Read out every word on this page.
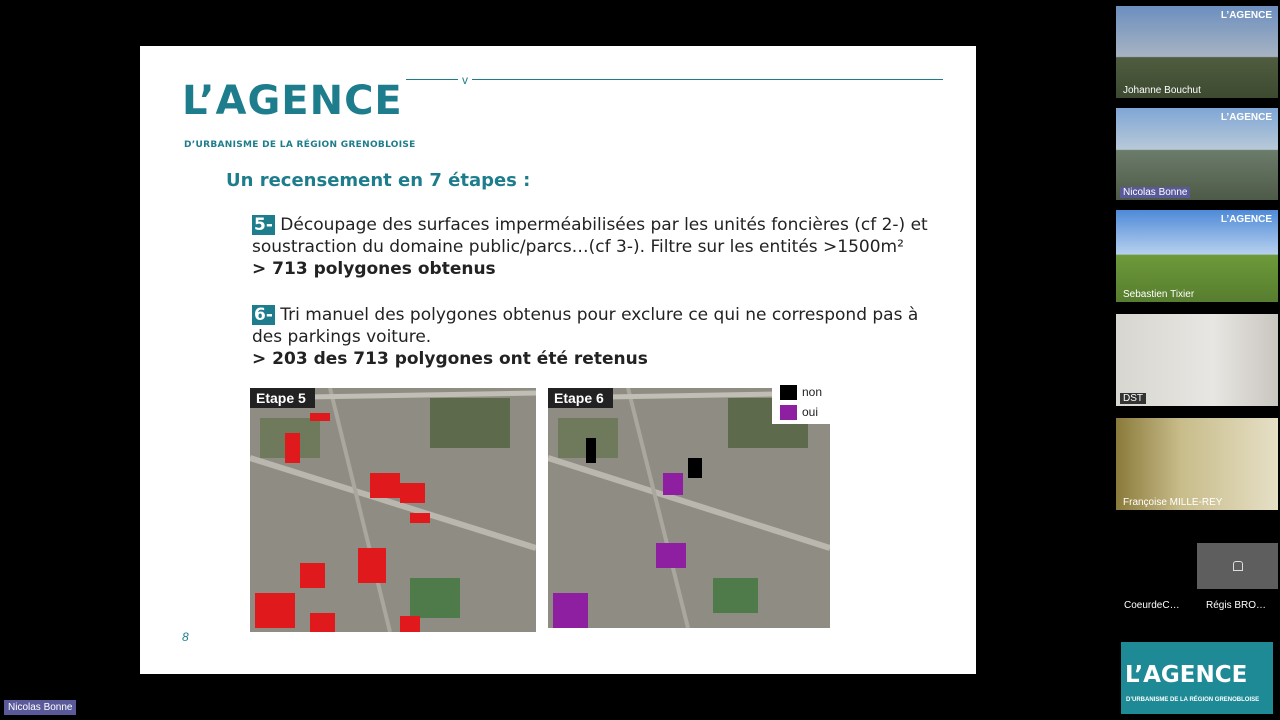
L’AGENCE
D’URBANISME DE LA RÉGION GRENOBLOISE
v
Un recensement en 7 étapes :
5- Découpage des surfaces imperméabilisées par les unités foncières (cf 2-) et soustraction du domaine public/parcs…(cf 3-). Filtre sur les entités >1500m²
> 713 polygones obtenus
6- Tri manuel des polygones obtenus pour exclure ce qui ne correspond pas à des parkings voiture.
> 203 des 713 polygones ont été retenus
Etape 5	Etape 6	non
oui
8
L’AGENCE
Johanne Bouchut
L’AGENCE
Nicolas Bonne
L’AGENCE
Sebastien Tixier
DST
Françoise MILLE-REY
CoeurdeC…	Régis BRO…
L’AGENCE
D’URBANISME DE LA RÉGION GRENOBLOISE
Nicolas Bonne
